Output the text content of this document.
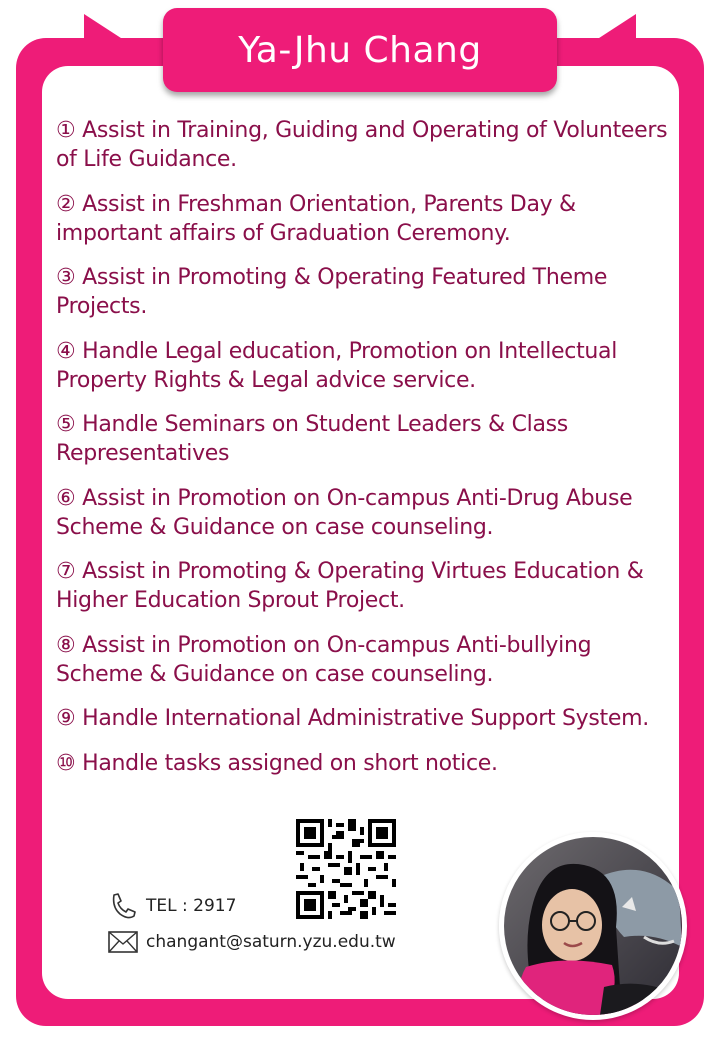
Ya-Jhu Chang
① Assist in Training, Guiding and Operating of Volunteers of Life Guidance.
② Assist in Freshman Orientation, Parents Day & important affairs of Graduation Ceremony.
③ Assist in Promoting & Operating Featured Theme Projects.
④ Handle Legal education, Promotion on Intellectual Property Rights & Legal advice service.
⑤ Handle Seminars on Student Leaders & Class Representatives
⑥ Assist in Promotion on On-campus Anti-Drug Abuse Scheme & Guidance on case counseling.
⑦ Assist in Promoting & Operating Virtues Education & Higher Education Sprout Project.
⑧ Assist in Promotion on On-campus Anti-bullying Scheme & Guidance on case counseling.
⑨ Handle International Administrative Support System.
⑩ Handle tasks assigned on short notice.
TEL : 2917
changant@saturn.yzu.edu.tw
